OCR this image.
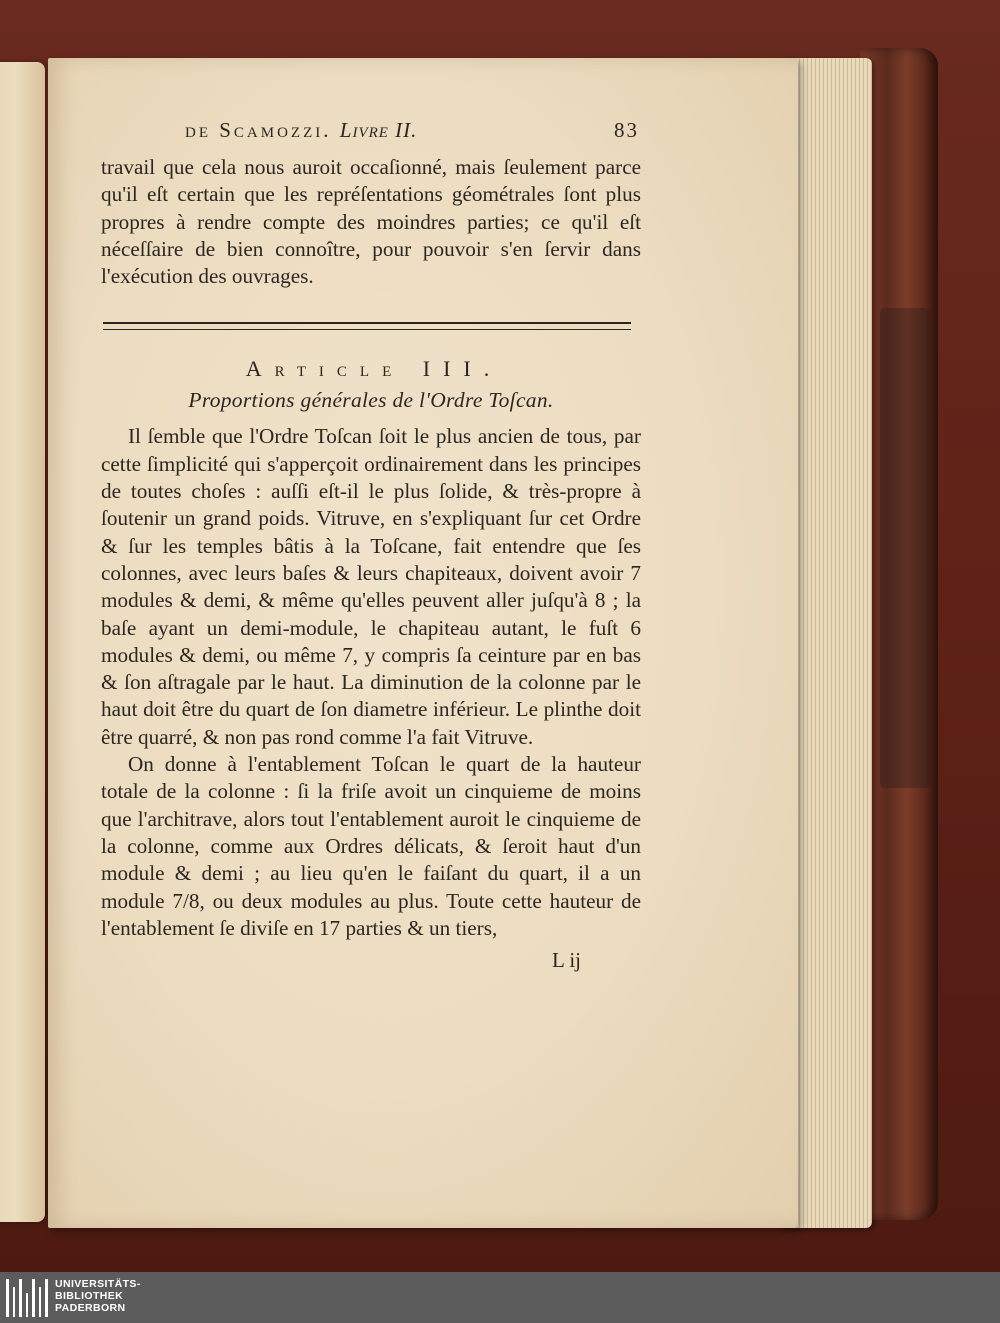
de Scamozzi. Livre II.	83

travail que cela nous auroit occaſionné, mais ſeulement parce qu'il eſt certain que les repréſentations géométrales ſont plus propres à rendre compte des moindres parties; ce qu'il eſt néceſſaire de bien connoître, pour pouvoir s'en ſervir dans l'exécution des ouvrages.

Article III.
Proportions générales de l'Ordre Toſcan.

Il ſemble que l'Ordre Toſcan ſoit le plus ancien de tous, par cette ſimplicité qui s'apperçoit ordinairement dans les principes de toutes choſes : auſſi eſt-il le plus ſolide, & très-propre à ſoutenir un grand poids. Vitruve, en s'expliquant ſur cet Ordre & ſur les temples bâtis à la Toſcane, fait entendre que ſes colonnes, avec leurs baſes & leurs chapiteaux, doivent avoir 7 modules & demi, & même qu'elles peuvent aller juſqu'à 8 ; la baſe ayant un demi-module, le chapiteau autant, le fuſt 6 modules & demi, ou même 7, y compris ſa ceinture par en bas & ſon aſtragale par le haut. La diminution de la colonne par le haut doit être du quart de ſon diametre inférieur. Le plinthe doit être quarré, & non pas rond comme l'a fait Vitruve.

On donne à l'entablement Toſcan le quart de la hauteur totale de la colonne : ſi la friſe avoit un cinquieme de moins que l'architrave, alors tout l'entablement auroit le cinquieme de la colonne, comme aux Ordres délicats, & ſeroit haut d'un module & demi ; au lieu qu'en le faiſant du quart, il a un module 7/8, ou deux modules au plus. Toute cette hauteur de l'entablement ſe diviſe en 17 parties & un tiers,

L ij
UNIVERSITÄTS-
BIBLIOTHEK
PADERBORN
